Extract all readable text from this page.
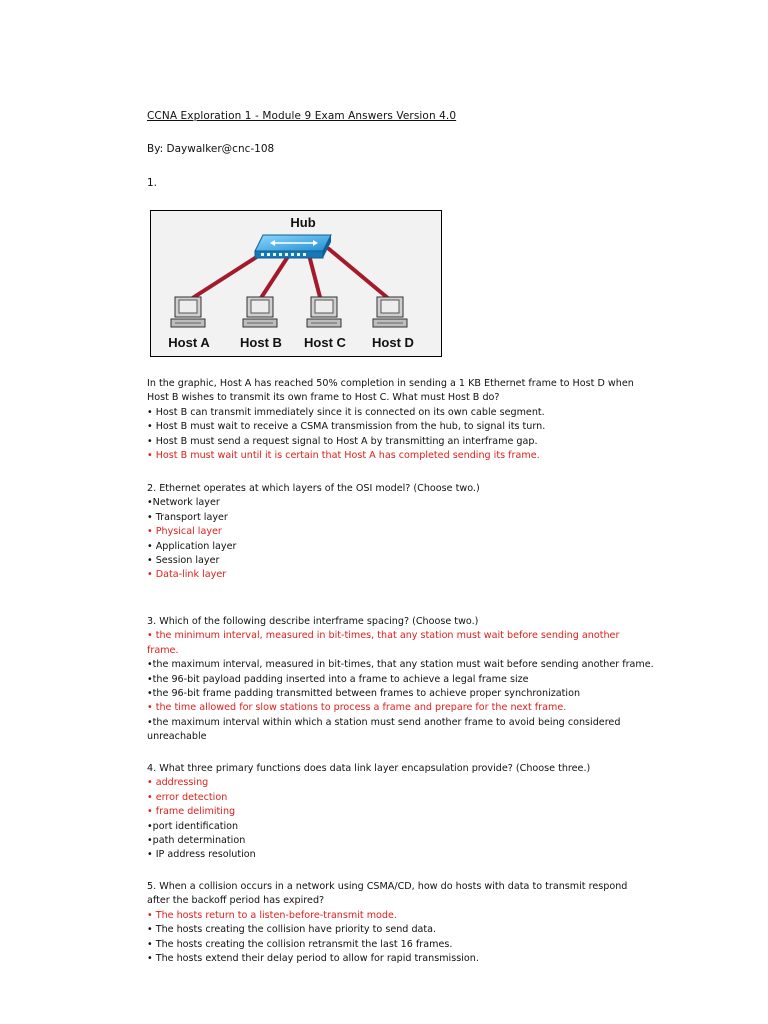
CCNA Exploration 1 - Module 9 Exam Answers Version 4.0
By: Daywalker@cnc-108
1.
Hub
Host A Host B Host C Host D
In the graphic, Host A has reached 50% completion in sending a 1 KB Ethernet frame to Host D when Host B wishes to transmit its own frame to Host C. What must Host B do?
• Host B can transmit immediately since it is connected on its own cable segment.
• Host B must wait to receive a CSMA transmission from the hub, to signal its turn.
• Host B must send a request signal to Host A by transmitting an interframe gap.
• Host B must wait until it is certain that Host A has completed sending its frame.
2. Ethernet operates at which layers of the OSI model? (Choose two.)
•Network layer
• Transport layer
• Physical layer
• Application layer
• Session layer
• Data-link layer
3. Which of the following describe interframe spacing? (Choose two.)
• the minimum interval, measured in bit-times, that any station must wait before sending another frame.
•the maximum interval, measured in bit-times, that any station must wait before sending another frame.
•the 96-bit payload padding inserted into a frame to achieve a legal frame size
•the 96-bit frame padding transmitted between frames to achieve proper synchronization
• the time allowed for slow stations to process a frame and prepare for the next frame.
•the maximum interval within which a station must send another frame to avoid being considered unreachable
4. What three primary functions does data link layer encapsulation provide? (Choose three.)
• addressing
• error detection
• frame delimiting
•port identification
•path determination
• IP address resolution
5. When a collision occurs in a network using CSMA/CD, how do hosts with data to transmit respond after the backoff period has expired?
• The hosts return to a listen-before-transmit mode.
• The hosts creating the collision have priority to send data.
• The hosts creating the collision retransmit the last 16 frames.
• The hosts extend their delay period to allow for rapid transmission.
